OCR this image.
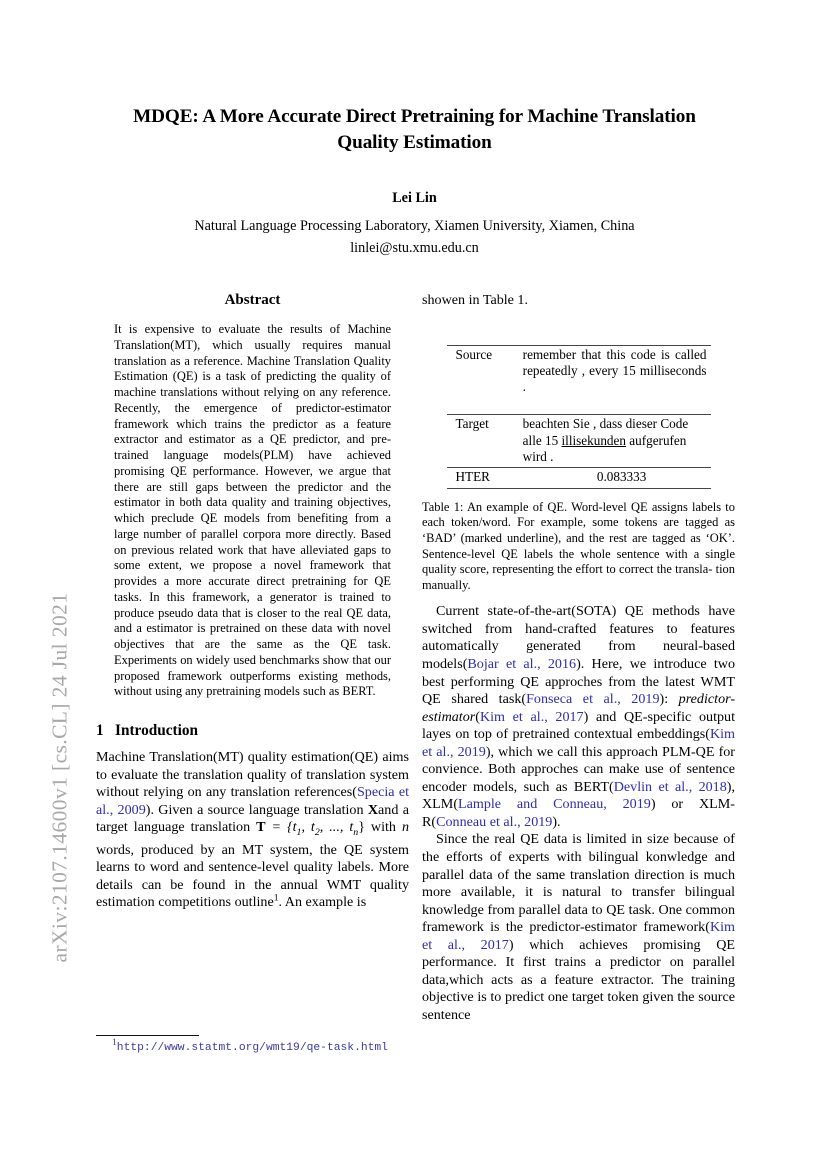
arXiv:2107.14600v1 [cs.CL] 24 Jul 2021
MDQE: A More Accurate Direct Pretraining for Machine Translation
Quality Estimation
Lei Lin
Natural Language Processing Laboratory, Xiamen University, Xiamen, China
linlei@stu.xmu.edu.cn
Abstract
It is expensive to evaluate the results of Machine Translation(MT), which usually requires manual translation as a reference. Machine Translation Quality Estimation (QE) is a task of predicting the quality of machine translations without relying on any reference. Recently, the emergence of predictor-estimator framework which trains the predictor as a feature extractor and estimator as a QE predictor, and pre-trained language models(PLM) have achieved promising QE performance. However, we argue that there are still gaps between the predictor and the estimator in both data quality and training objectives, which preclude QE models from benefiting from a large number of parallel corpora more directly. Based on previous related work that have alleviated gaps to some extent, we propose a novel framework that provides a more accurate direct pretraining for QE tasks. In this framework, a generator is trained to produce pseudo data that is closer to the real QE data, and a estimator is pretrained on these data with novel objectives that are the same as the QE task. Experiments on widely used benchmarks show that our proposed framework outperforms existing methods, without using any pretraining models such as BERT.
1 Introduction

Machine Translation(MT) quality estimation(QE) aims to evaluate the translation quality of translation system without relying on any translation references(Specia et al., 2009). Given a source language translation Xand a target language translation $T = \{t_1$, $t_2$, ..., $t_n$} with n words, produced by an MT system, the QE system learns to word and sentence-level quality labels. More details can be found in the annual WMT quality estimation competitions outline$^1$. An example is

showen in Table 1.

Source	remember that this code is called repeatedly , every 15 milliseconds .
Target	beachten Sie , dass dieser Code alle 15 illisekunden aufgerufen wird .
HTER	0.083333

Table 1: An example of QE. Word-level QE assigns labels to each token/word. For example, some tokens are tagged as ‘BAD’ (marked underline), and the rest are tagged as ‘OK’. Sentence-level QE labels the whole sentence with a single quality score, representing the effort to correct the transla- tion manually.

Current state-of-the-art(SOTA) QE methods have switched from hand-crafted features to features automatically generated from neural-based models(Bojar et al., 2016). Here, we introduce two best performing QE approches from the latest WMT QE shared task(Fonseca et al., 2019): predictor-estimator(Kim et al., 2017) and QE-specific output layes on top of pretrained contextual embeddings(Kim et al., 2019), which we call this approach PLM-QE for convience. Both approches can make use of sentence encoder models, such as BERT(Devlin et al., 2018), XLM(Lample and Conneau, 2019) or XLM-R(Conneau et al., 2019).

Since the real QE data is limited in size because of the efforts of experts with bilingual konwledge and parallel data of the same translation direction is much more available, it is natural to transfer bilingual knowledge from parallel data to QE task. One common framework is the predictor-estimator framework(Kim et al., 2017) which achieves promising QE performance. It first trains a predictor on parallel data,which acts as a feature extractor. The training objective is to predict one target token given the source sentence

$^1$http://www.statmt.org/wmt19/qe-task.html
